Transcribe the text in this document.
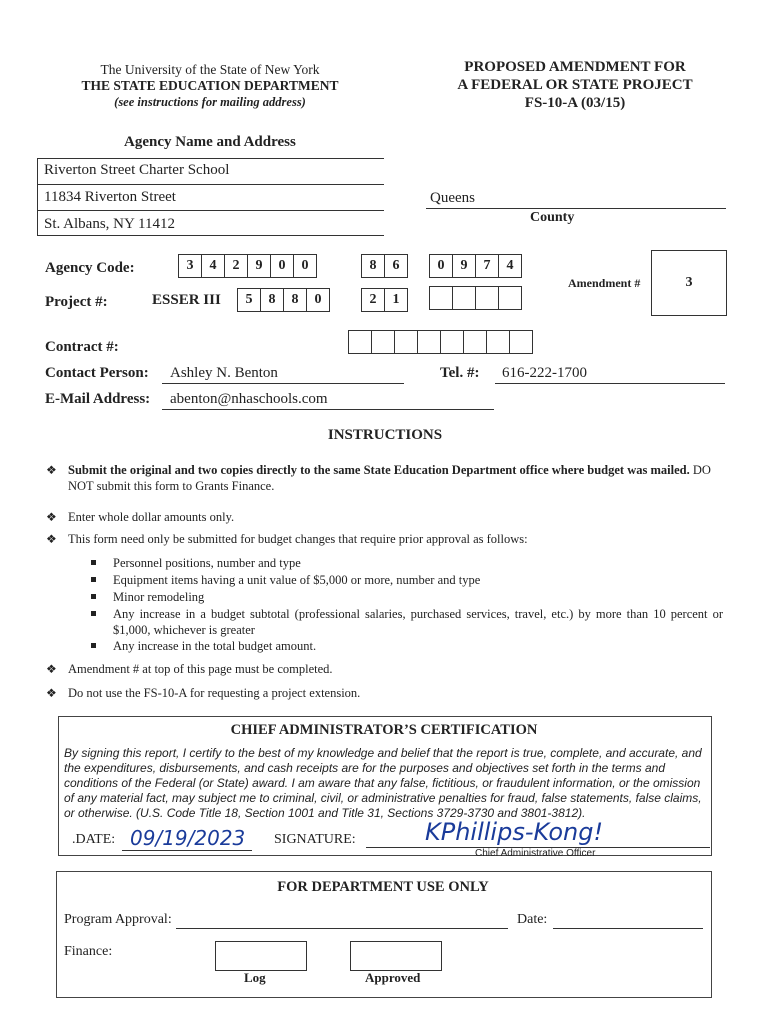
The University of the State of New York
THE STATE EDUCATION DEPARTMENT
(see instructions for mailing address)
PROPOSED AMENDMENT FOR
A FEDERAL OR STATE PROJECT
FS-10-A (03/15)
Agency Name and Address
Riverton Street Charter School
11834 Riverton Street
St. Albans, NY 11412
Queens
County
Agency Code:	3	4	2	9	0	0	8	6	0	9	7	4
Amendment #	3
Project #:	ESSER III	5	8	8	0	2	1
Contract #:
Contact Person: Ashley N. Benton	Tel. #: 616-222-1700
E-Mail Address: abenton@nhaschools.com
INSTRUCTIONS
❖ Submit the original and two copies directly to the same State Education Department office where budget was mailed. DO NOT submit this form to Grants Finance.
❖ Enter whole dollar amounts only.
❖ This form need only be submitted for budget changes that require prior approval as follows:
Personnel positions, number and type
Equipment items having a unit value of $5,000 or more, number and type
Minor remodeling
Any increase in a budget subtotal (professional salaries, purchased services, travel, etc.) by more than 10 percent or $1,000, whichever is greater
Any increase in the total budget amount.
❖ Amendment # at top of this page must be completed.
❖ Do not use the FS-10-A for requesting a project extension.
CHIEF ADMINISTRATOR’S CERTIFICATION
By signing this report, I certify to the best of my knowledge and belief that the report is true, complete, and accurate, and the expenditures, disbursements, and cash receipts are for the purposes and objectives set forth in the terms and conditions of the Federal (or State) award. I am aware that any false, fictitious, or fraudulent information, or the omission of any material fact, may subject me to criminal, civil, or administrative penalties for fraud, false statements, false claims, or otherwise. (U.S. Code Title 18, Section 1001 and Title 31, Sections 3729-3730 and 3801-3812).
.DATE: 09/19/2023 SIGNATURE:	KPhillips-Kong!
Chief Administrative Officer
FOR DEPARTMENT USE ONLY
Program Approval:	Date:
Finance:
Log	Approved
